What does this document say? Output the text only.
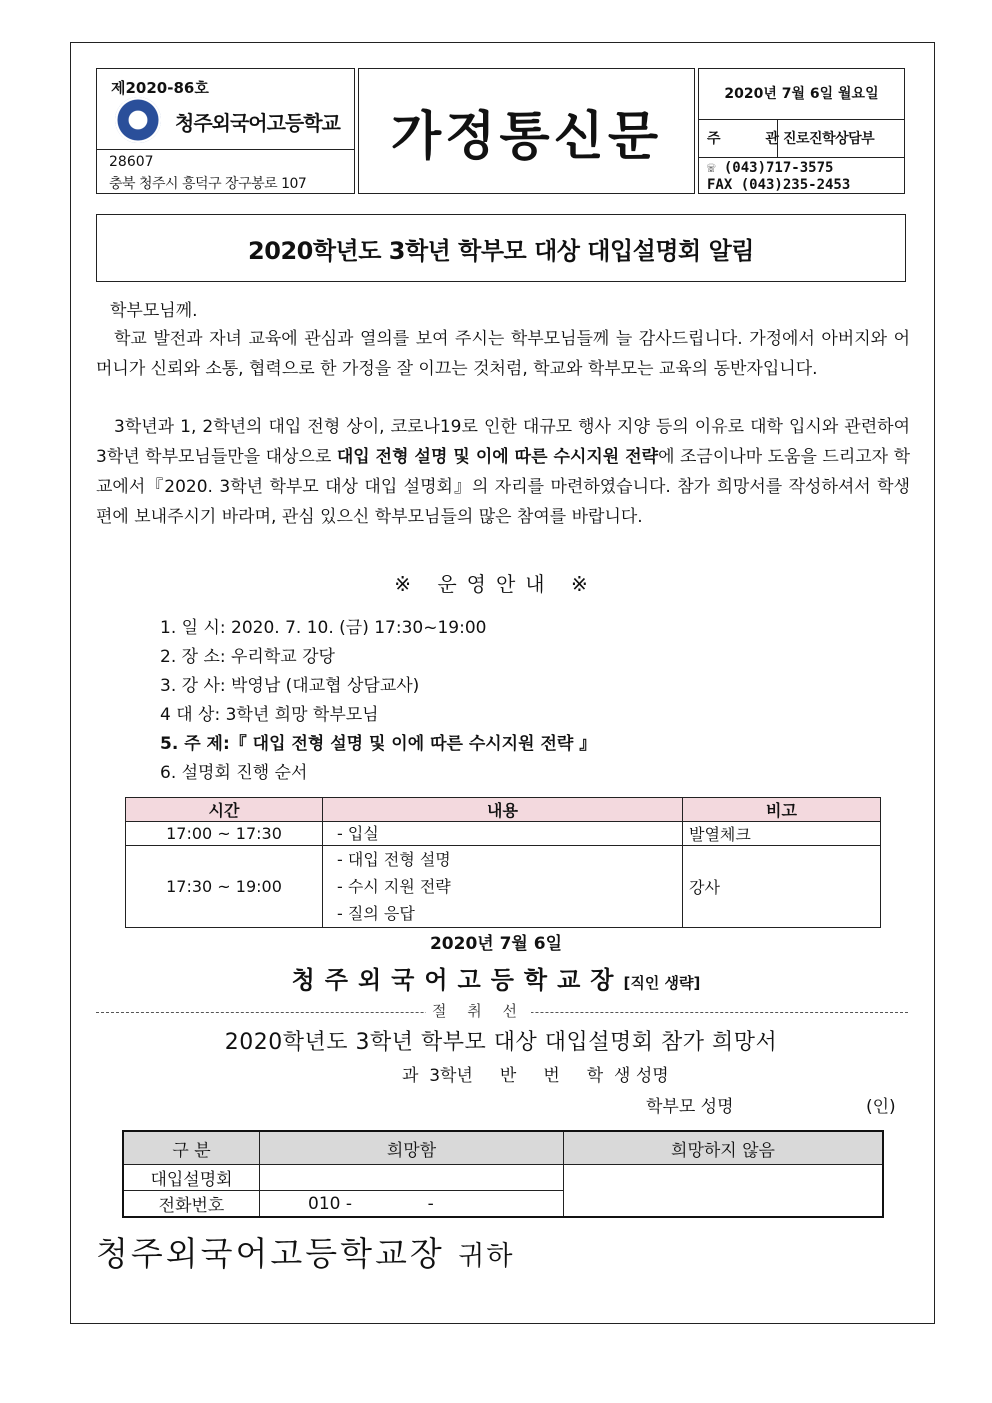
제2020-86호
청주외국어고등학교
28607
충북 청주시 흥덕구 장구봉로 107
가정통신문
2020년 7월 6일 월요일
주 관
진로진학상담부
☏ (043)717-3575
FAX (043)235-2453
2020학년도 3학년 학부모 대상 대입설명회 알림
학부모님께.
학교 발전과 자녀 교육에 관심과 열의를 보여 주시는 학부모님들께 늘 감사드립니다. 가정에서 아버지와 어머니가 신뢰와 소통, 협력으로 한 가정을 잘 이끄는 것처럼, 학교와 학부모는 교육의 동반자입니다.
3학년과 1, 2학년의 대입 전형 상이, 코로나19로 인한 대규모 행사 지양 등의 이유로 대학 입시와 관련하여 3학년 학부모님들만을 대상으로 대입 전형 설명 및 이에 따른 수시지원 전략에 조금이나마 도움을 드리고자 학교에서『2020. 3학년 학부모 대상 대입 설명회』의 자리를 마련하였습니다. 참가 희망서를 작성하셔서 학생 편에 보내주시기 바라며, 관심 있으신 학부모님들의 많은 참여를 바랍니다.
※ 운영안내 ※
1. 일 시: 2020. 7. 10. (금) 17:30~19:00
2. 장 소: 우리학교 강당
3. 강 사: 박영남 (대교협 상담교사)
4 대 상: 3학년 희망 학부모님
5. 주 제:『 대입 전형 설명 및 이에 따른 수시지원 전략 』
6. 설명회 진행 순서
시간	내용	비고
17:00 ~ 17:30	- 입실	발열체크
17:30 ~ 19:00	- 대입 전형 설명
- 수시 지원 전략
- 질의 응답	강사
2020년 7월 6일
청주외국어고등학교장[직인 생략]
절 취 선
2020학년도 3학년 학부모 대상 대입설명회 참가 희망서
과  3학년     반     번     학  생 성명
학부모 성명	(인)
구 분	희망함	희망하지 않음
대입설명회		
전화번호	010 -              -	
청주외국어고등학교장 귀하
